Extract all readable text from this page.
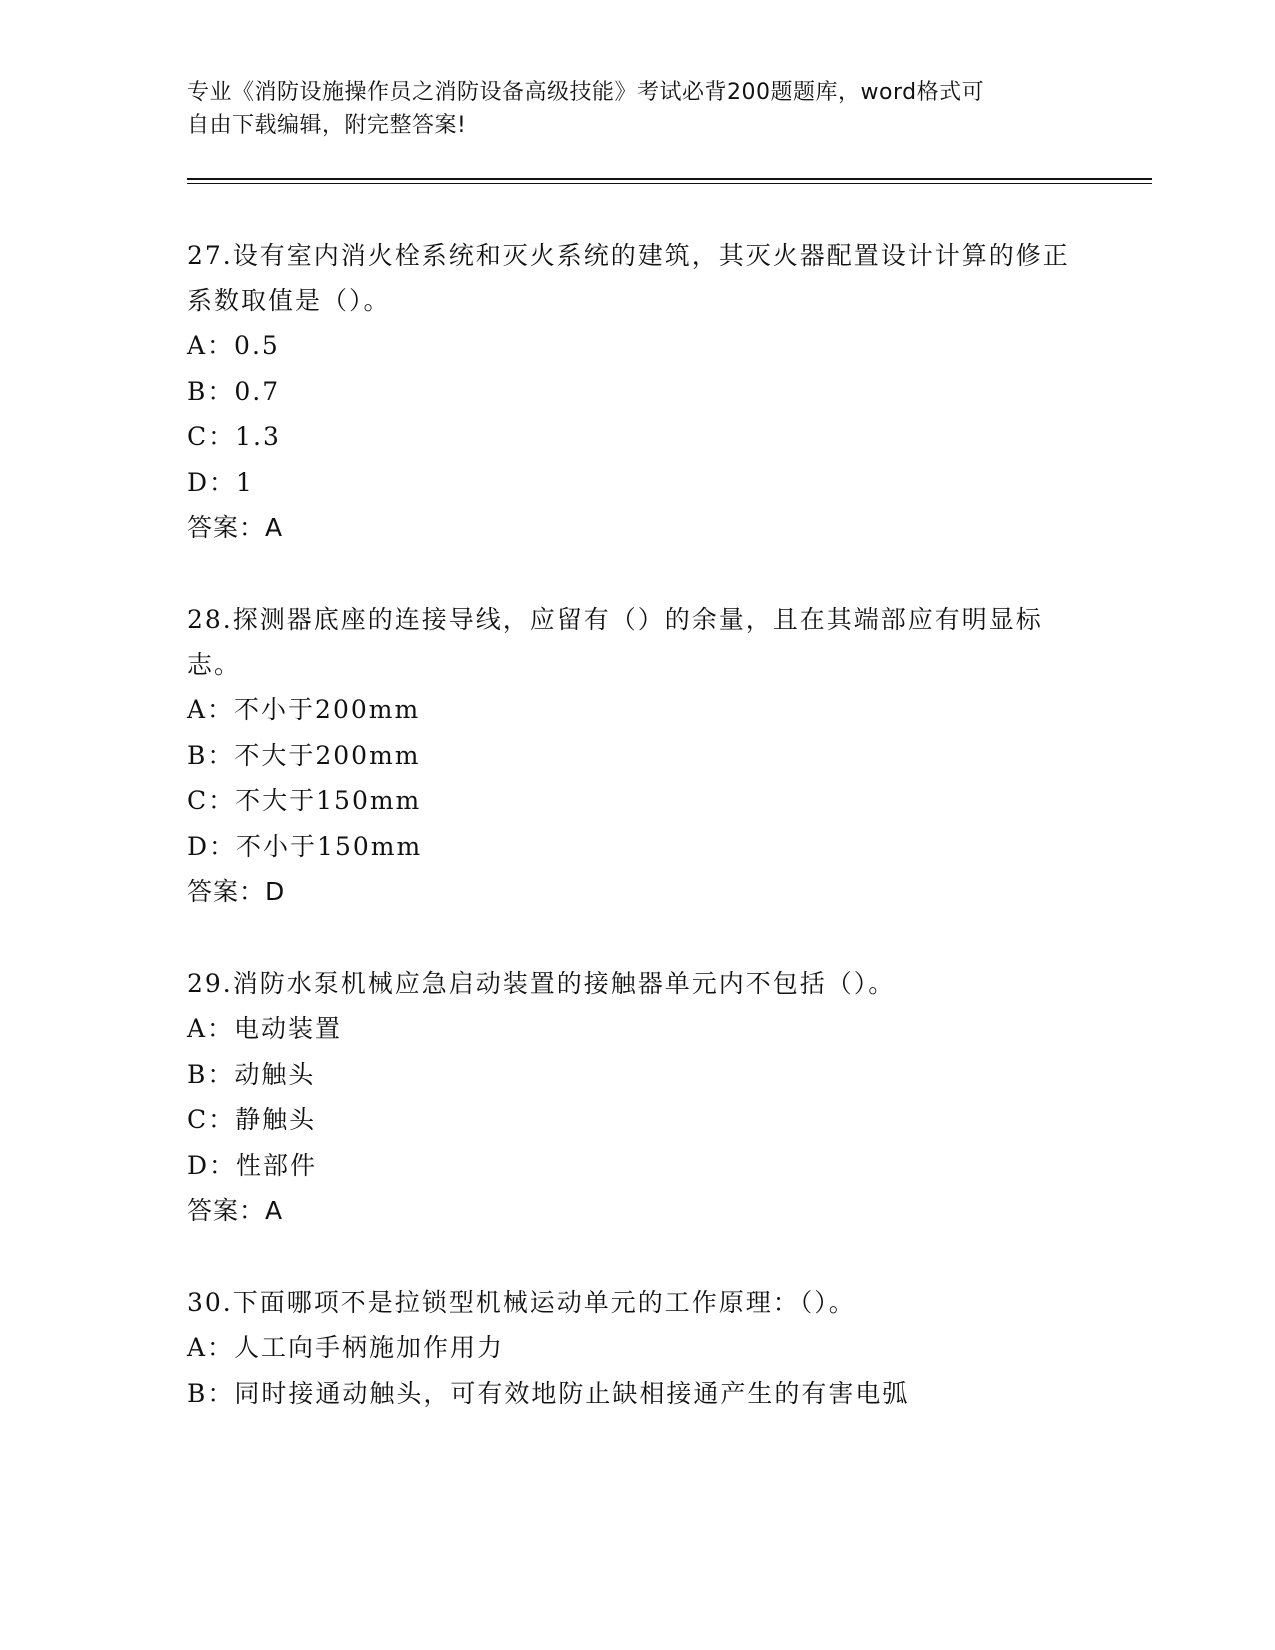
专业《消防设施操作员之消防设备高级技能》考试必背200题题库，word格式可
自由下载编辑，附完整答案!
27.设有室内消火栓系统和灭火系统的建筑，其灭火器配置设计计算的修正系数取值是（）。
A：0.5
B：0.7
C：1.3
D：1
答案：A
28.探测器底座的连接导线，应留有（）的余量，且在其端部应有明显标志。
A：不小于200mm
B：不大于200mm
C：不大于150mm
D：不小于150mm
答案：D
29.消防水泵机械应急启动装置的接触器单元内不包括（）。
A：电动装置
B：动触头
C：静触头
D：性部件
答案：A
30.下面哪项不是拉锁型机械运动单元的工作原理：（）。
A：人工向手柄施加作用力
B：同时接通动触头，可有效地防止缺相接通产生的有害电弧
